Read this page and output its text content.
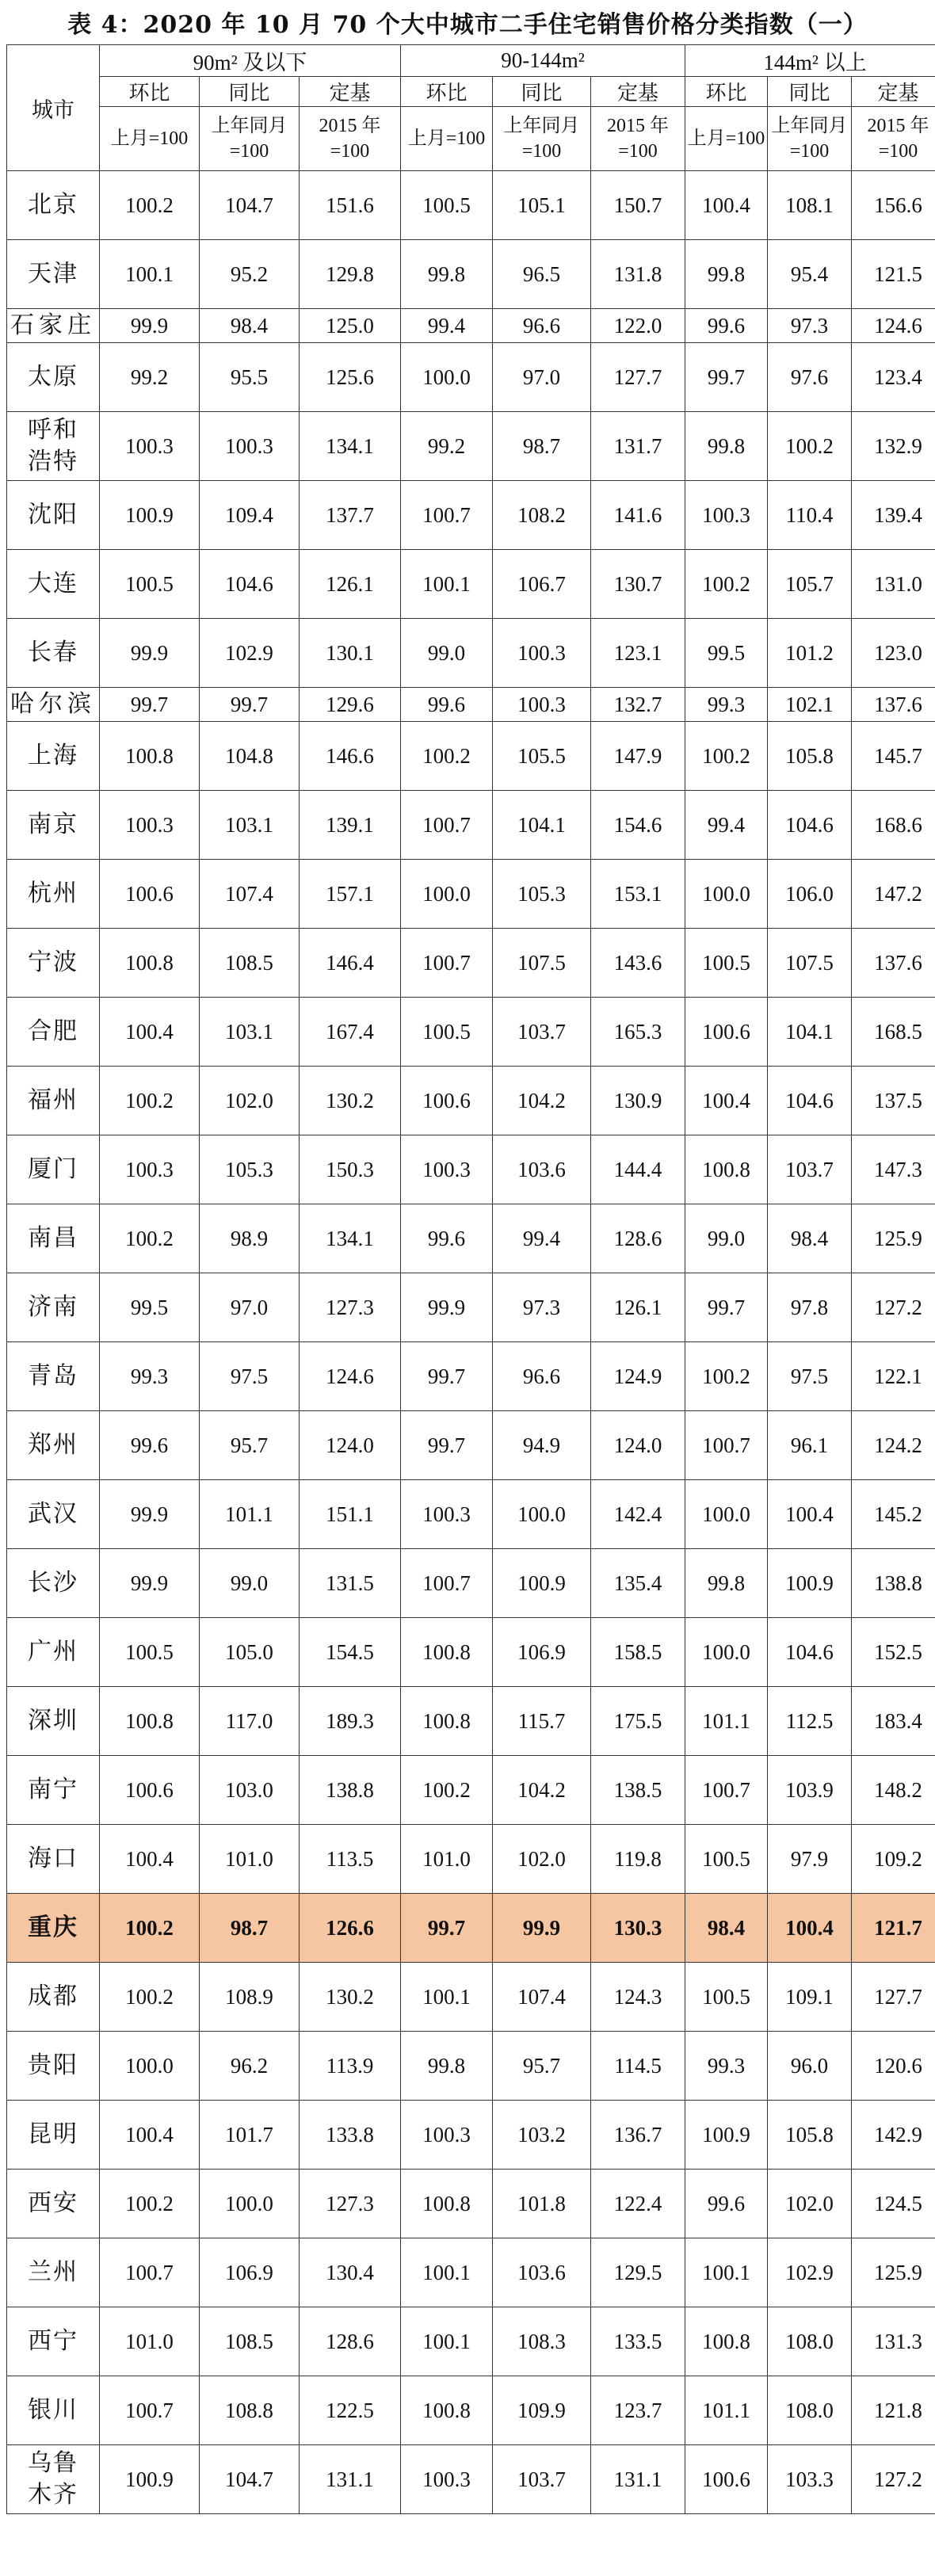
表 4：2020 年 10 月 70 个大中城市二手住宅销售价格分类指数（一）
城市	90m² 及以下			90-144m²			144m² 以上		
	环比	同比	定基	环比	同比	定基	环比	同比	定基
	上月=100	上年同月=100	2015 年=100	上月=100	上年同月=100	2015 年=100	上月=100	上年同月=100	2015 年=100
北京	100.2	104.7	151.6	100.5	105.1	150.7	100.4	108.1	156.6
天津	100.1	95.2	129.8	99.8	96.5	131.8	99.8	95.4	121.5
石家庄	99.9	98.4	125.0	99.4	96.6	122.0	99.6	97.3	124.6
太原	99.2	95.5	125.6	100.0	97.0	127.7	99.7	97.6	123.4
呼和浩特	100.3	100.3	134.1	99.2	98.7	131.7	99.8	100.2	132.9
沈阳	100.9	109.4	137.7	100.7	108.2	141.6	100.3	110.4	139.4
大连	100.5	104.6	126.1	100.1	106.7	130.7	100.2	105.7	131.0
长春	99.9	102.9	130.1	99.0	100.3	123.1	99.5	101.2	123.0
哈尔滨	99.7	99.7	129.6	99.6	100.3	132.7	99.3	102.1	137.6
上海	100.8	104.8	146.6	100.2	105.5	147.9	100.2	105.8	145.7
南京	100.3	103.1	139.1	100.7	104.1	154.6	99.4	104.6	168.6
杭州	100.6	107.4	157.1	100.0	105.3	153.1	100.0	106.0	147.2
宁波	100.8	108.5	146.4	100.7	107.5	143.6	100.5	107.5	137.6
合肥	100.4	103.1	167.4	100.5	103.7	165.3	100.6	104.1	168.5
福州	100.2	102.0	130.2	100.6	104.2	130.9	100.4	104.6	137.5
厦门	100.3	105.3	150.3	100.3	103.6	144.4	100.8	103.7	147.3
南昌	100.2	98.9	134.1	99.6	99.4	128.6	99.0	98.4	125.9
济南	99.5	97.0	127.3	99.9	97.3	126.1	99.7	97.8	127.2
青岛	99.3	97.5	124.6	99.7	96.6	124.9	100.2	97.5	122.1
郑州	99.6	95.7	124.0	99.7	94.9	124.0	100.7	96.1	124.2
武汉	99.9	101.1	151.1	100.3	100.0	142.4	100.0	100.4	145.2
长沙	99.9	99.0	131.5	100.7	100.9	135.4	99.8	100.9	138.8
广州	100.5	105.0	154.5	100.8	106.9	158.5	100.0	104.6	152.5
深圳	100.8	117.0	189.3	100.8	115.7	175.5	101.1	112.5	183.4
南宁	100.6	103.0	138.8	100.2	104.2	138.5	100.7	103.9	148.2
海口	100.4	101.0	113.5	101.0	102.0	119.8	100.5	97.9	109.2
重庆	100.2	98.7	126.6	99.7	99.9	130.3	98.4	100.4	121.7
成都	100.2	108.9	130.2	100.1	107.4	124.3	100.5	109.1	127.7
贵阳	100.0	96.2	113.9	99.8	95.7	114.5	99.3	96.0	120.6
昆明	100.4	101.7	133.8	100.3	103.2	136.7	100.9	105.8	142.9
西安	100.2	100.0	127.3	100.8	101.8	122.4	99.6	102.0	124.5
兰州	100.7	106.9	130.4	100.1	103.6	129.5	100.1	102.9	125.9
西宁	101.0	108.5	128.6	100.1	108.3	133.5	100.8	108.0	131.3
银川	100.7	108.8	122.5	100.8	109.9	123.7	101.1	108.0	121.8
乌鲁木齐	100.9	104.7	131.1	100.3	103.7	131.1	100.6	103.3	127.2
